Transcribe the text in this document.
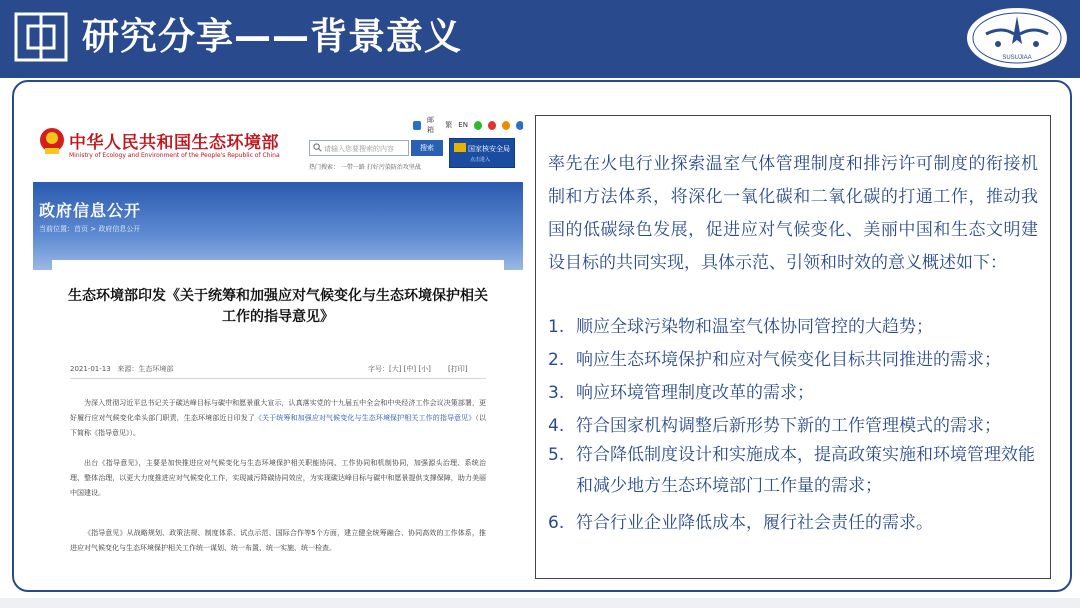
研究分享——背景意义	SUSUJIAA
中华人民共和国生态环境部
Ministry of Ecology and Environment of the People's Republic of China
邮箱
繁 EN
请输入您要搜索的内容	搜索
热门搜索： 一带一路 打好污染防治攻坚战
国家核安全局
点击进入
政府信息公开
当前位置：首页 > 政府信息公开
生态环境部印发《关于统筹和加强应对气候变化与生态环境保护相关工作的指导意见》
2021-01-13 来源：生态环境部	字号：[大] [中] [小] [打印]
为深入贯彻习近平总书记关于碳达峰目标与碳中和愿景重大宣示，认真落实党的十九届五中全会和中央经济工作会议决策部署，更好履行应对气候变化牵头部门职责，生态环境部近日印发了《关于统筹和加强应对气候变化与生态环境保护相关工作的指导意见》（以下简称《指导意见》）。
出台《指导意见》，主要是加快推进应对气候变化与生态环境保护相关职能协同、工作协同和机制协同，加强源头治理、系统治理、整体治理，以更大力度推进应对气候变化工作，实现减污降碳协同效应，为实现碳达峰目标与碳中和愿景提供支撑保障，助力美丽中国建设。
《指导意见》从战略规划、政策法规、制度体系、试点示范、国际合作等5个方面，建立健全统筹融合、协同高效的工作体系，推进应对气候变化与生态环境保护相关工作统一谋划、统一布置、统一实施、统一检查。
率先在火电行业探索温室气体管理制度和排污许可制度的衔接机制和方法体系，将深化一氧化碳和二氧化碳的打通工作，推动我国的低碳绿色发展，促进应对气候变化、美丽中国和生态文明建设目标的共同实现，具体示范、引领和时效的意义概述如下：
1. 顺应全球污染物和温室气体协同管控的大趋势；
2. 响应生态环境保护和应对气候变化目标共同推进的需求；
3. 响应环境管理制度改革的需求；
4. 符合国家机构调整后新形势下新的工作管理模式的需求；
5. 符合降低制度设计和实施成本，提高政策实施和环境管理效能和减少地方生态环境部门工作量的需求；
6. 符合行业企业降低成本，履行社会责任的需求。
